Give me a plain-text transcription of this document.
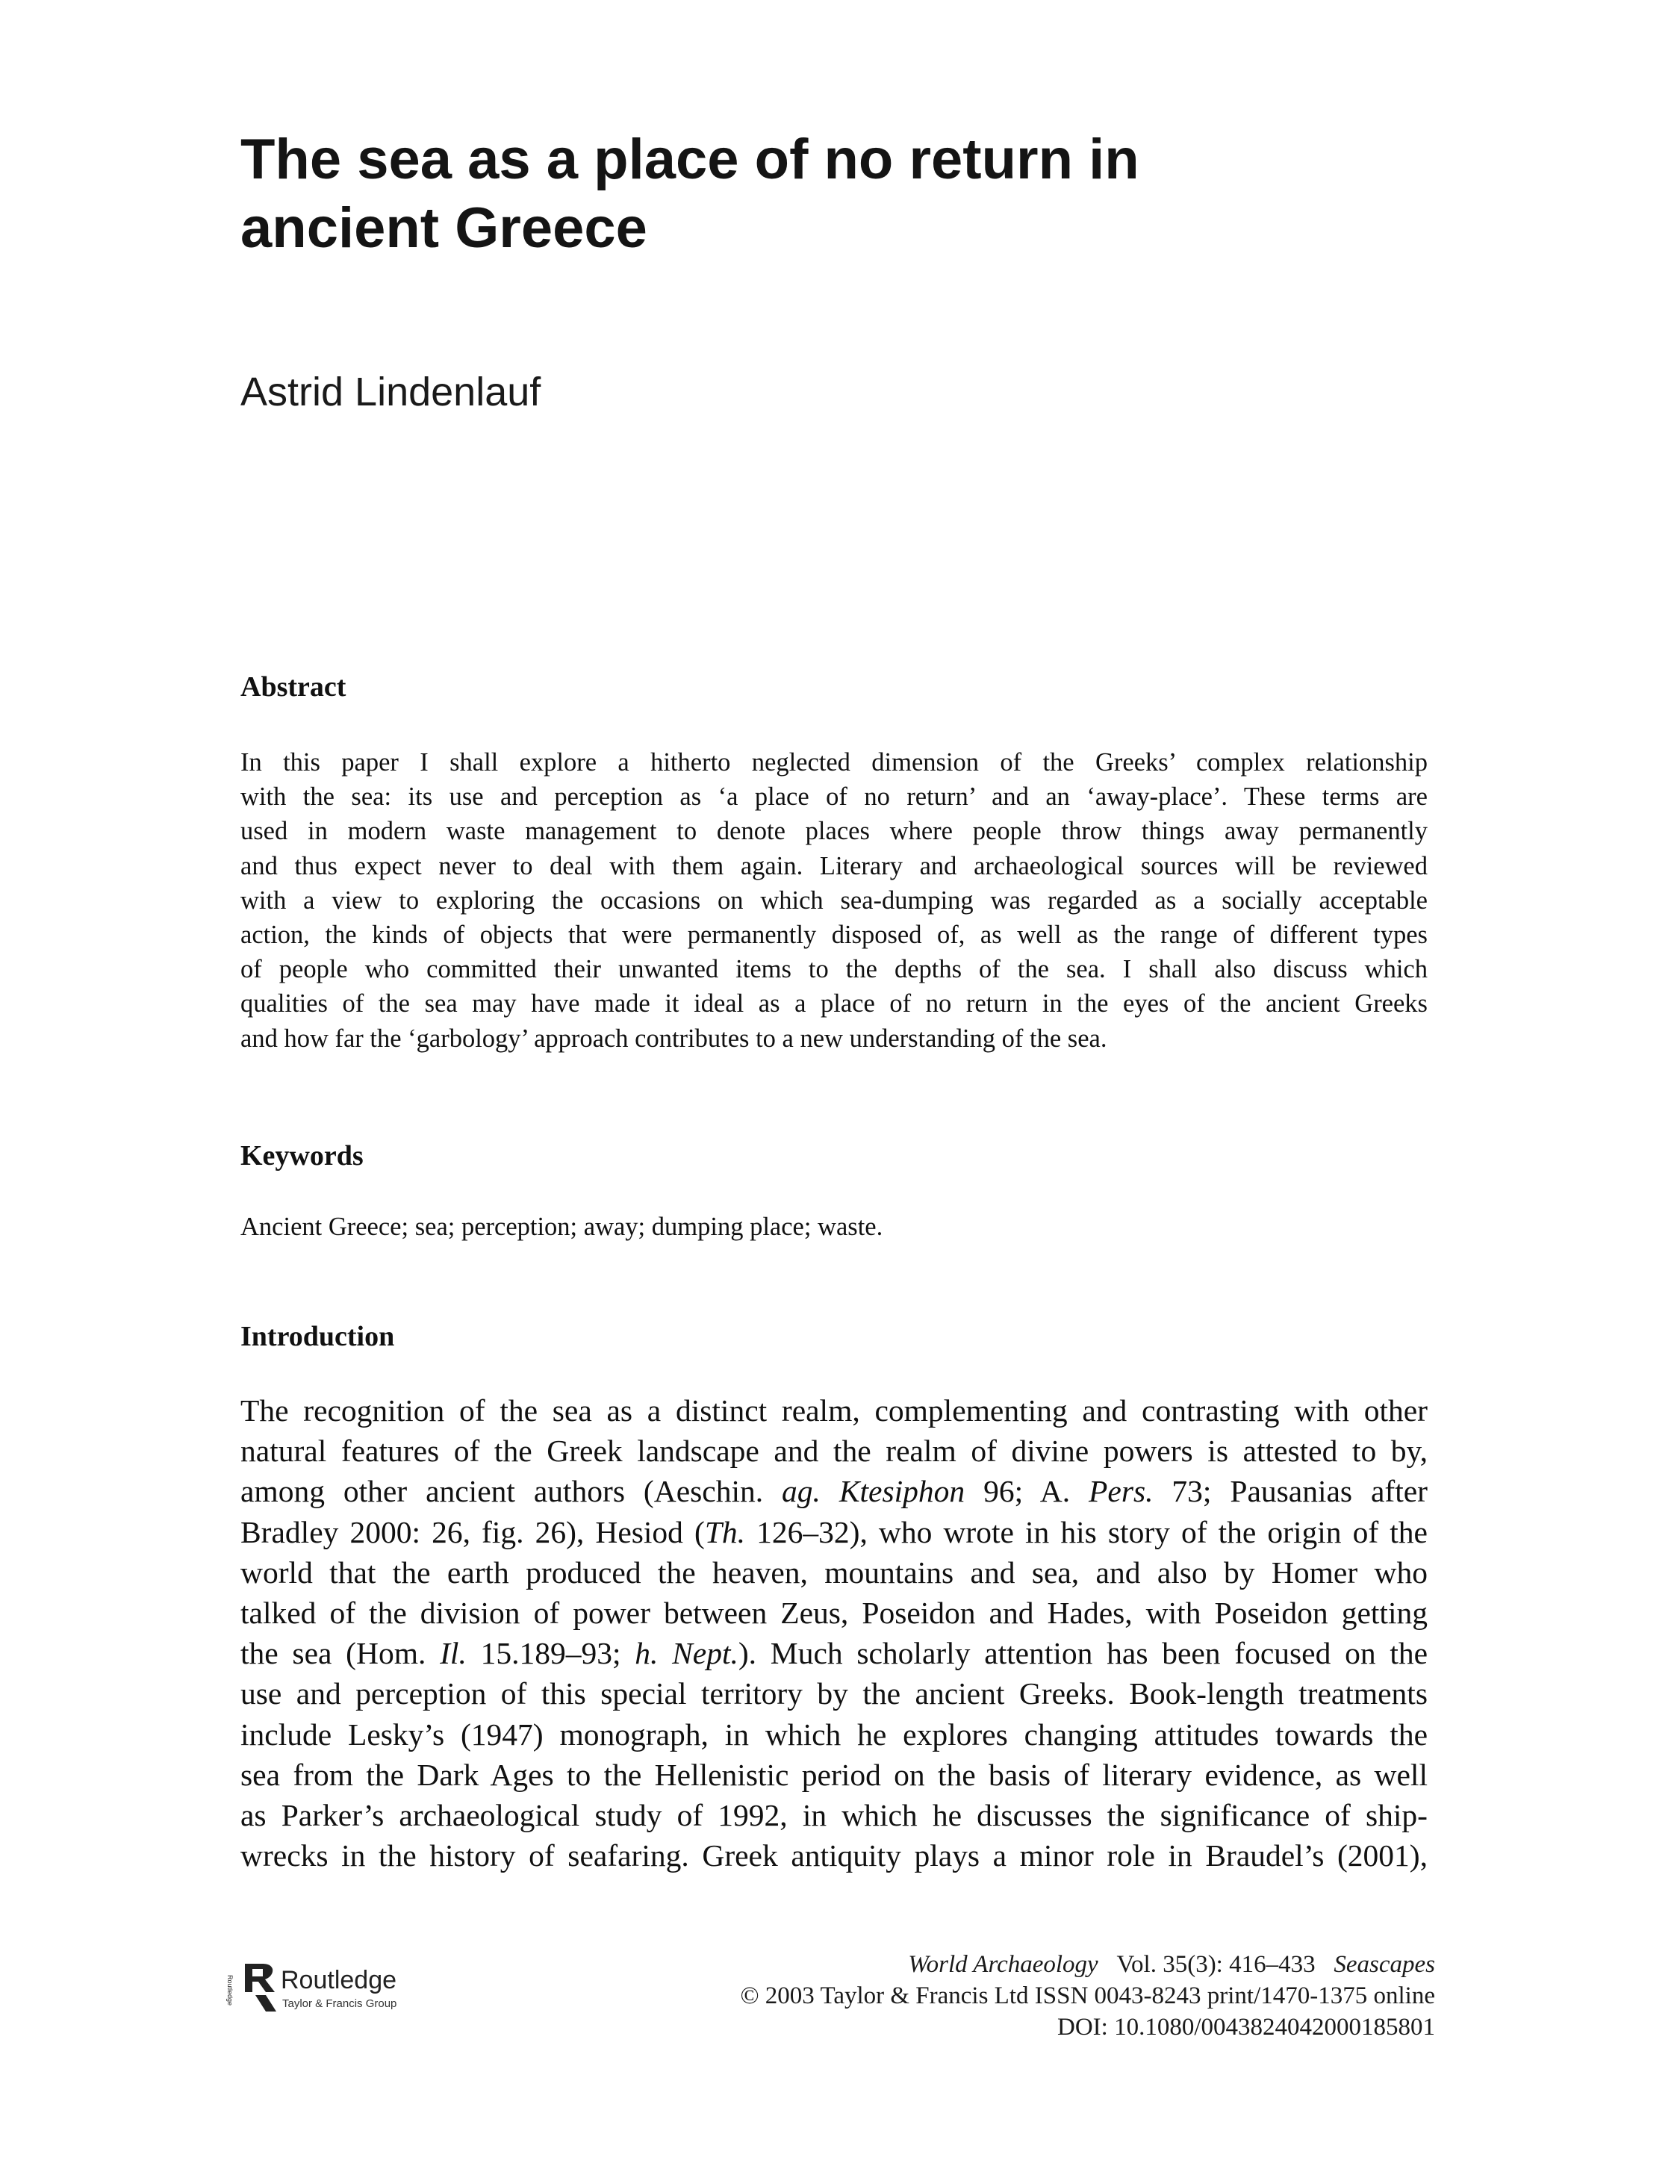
The sea as a place of no return in
ancient Greece
Astrid Lindenlauf
Abstract
In this paper I shall explore a hitherto neglected dimension of the Greeks’ complex relationship
with the sea: its use and perception as ‘a place of no return’ and an ‘away-place’. These terms are
used in modern waste management to denote places where people throw things away permanently
and thus expect never to deal with them again. Literary and archaeological sources will be reviewed
with a view to exploring the occasions on which sea-dumping was regarded as a socially acceptable
action, the kinds of objects that were permanently disposed of, as well as the range of different types
of people who committed their unwanted items to the depths of the sea. I shall also discuss which
qualities of the sea may have made it ideal as a place of no return in the eyes of the ancient Greeks
and how far the ‘garbology’ approach contributes to a new understanding of the sea.
Keywords

Ancient Greece; sea; perception; away; dumping place; waste.

Introduction
The recognition of the sea as a distinct realm, complementing and contrasting with other
natural features of the Greek landscape and the realm of divine powers is attested to by,
among other ancient authors (Aeschin. ag. Ktesiphon 96; A. Pers. 73; Pausanias after
Bradley 2000: 26, fig. 26), Hesiod (Th. 126–32), who wrote in his story of the origin of the
world that the earth produced the heaven, mountains and sea, and also by Homer who
talked of the division of power between Zeus, Poseidon and Hades, with Poseidon getting
the sea (Hom. Il. 15.189–93; h. Nept.). Much scholarly attention has been focused on the
use and perception of this special territory by the ancient Greeks. Book-length treatments
include Lesky’s (1947) monograph, in which he explores changing attitudes towards the
sea from the Dark Ages to the Hellenistic period on the basis of literary evidence, as well
as Parker’s archaeological study of 1992, in which he discusses the significance of ship-
wrecks in the history of seafaring. Greek antiquity plays a minor role in Braudel’s (2001),
Routledge Routledge
Taylor & Francis Group
World Archaeology Vol. 35(3): 416–433 Seascapes
© 2003 Taylor & Francis Ltd ISSN 0043-8243 print/1470-1375 online
DOI: 10.1080/0043824042000185801
